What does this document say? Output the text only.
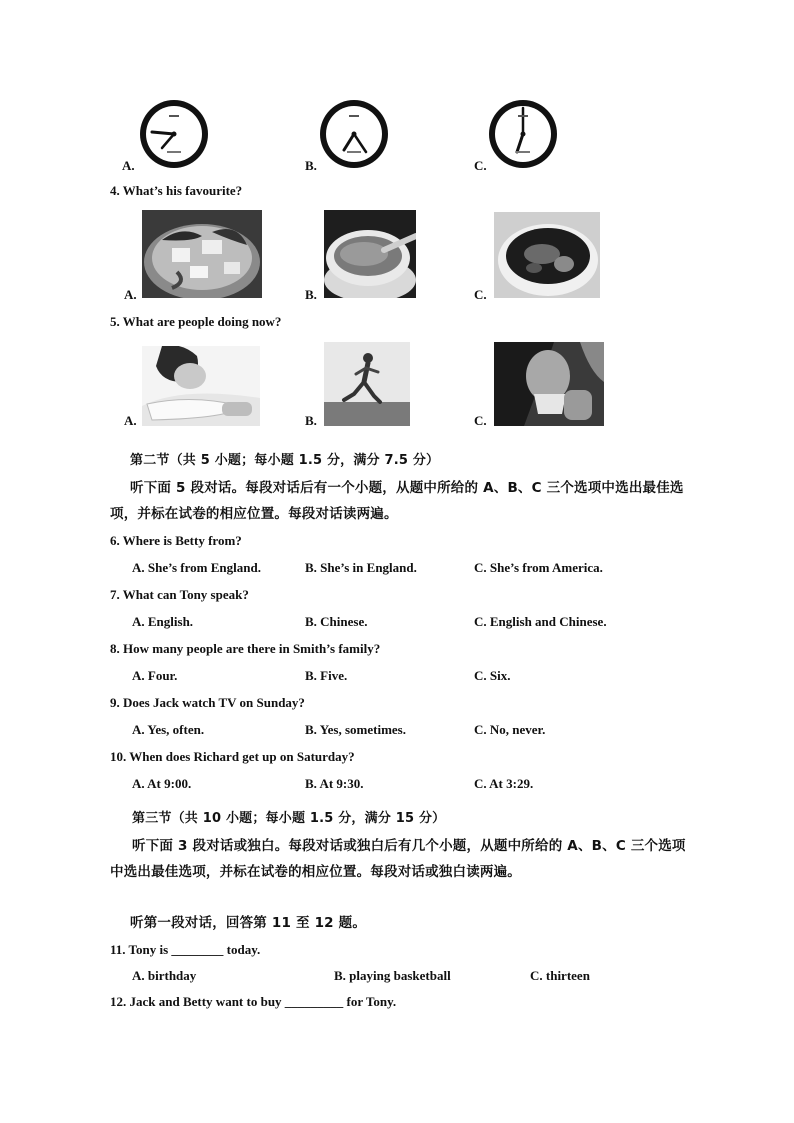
A.	B.	C.
4. What’s his favourite?
A.	B.	C.
5. What are people doing now?
A.	B.	C.
第二节（共 5 小题；每小题 1.5 分，满分 7.5 分）
听下面 5 段对话。每段对话后有一个小题，从题中所给的 A、B、C 三个选项中选出最佳选
项，并标在试卷的相应位置。每段对话读两遍。
6. Where is Betty from?
A. She’s from England.	B. She’s in England.	C. She’s from America.
7. What can Tony speak?
A. English.	B. Chinese.	C. English and Chinese.
8. How many people are there in Smith’s family?
A. Four.	B. Five.	C. Six.
9. Does Jack watch TV on Sunday?
A. Yes, often.	B. Yes, sometimes.	C. No, never.
10. When does Richard get up on Saturday?
A. At 9:00.	B. At 9:30.	C. At 3:29.
第三节（共 10 小题；每小题 1.5 分，满分 15 分）
听下面 3 段对话或独白。每段对话或独白后有几个小题，从题中所给的 A、B、C 三个选项
中选出最佳选项，并标在试卷的相应位置。每段对话或独白读两遍。
听第一段对话，回答第 11 至 12 题。
11. Tony is ________ today.
A. birthday	B. playing basketball	C. thirteen
12. Jack and Betty want to buy _________ for Tony.
